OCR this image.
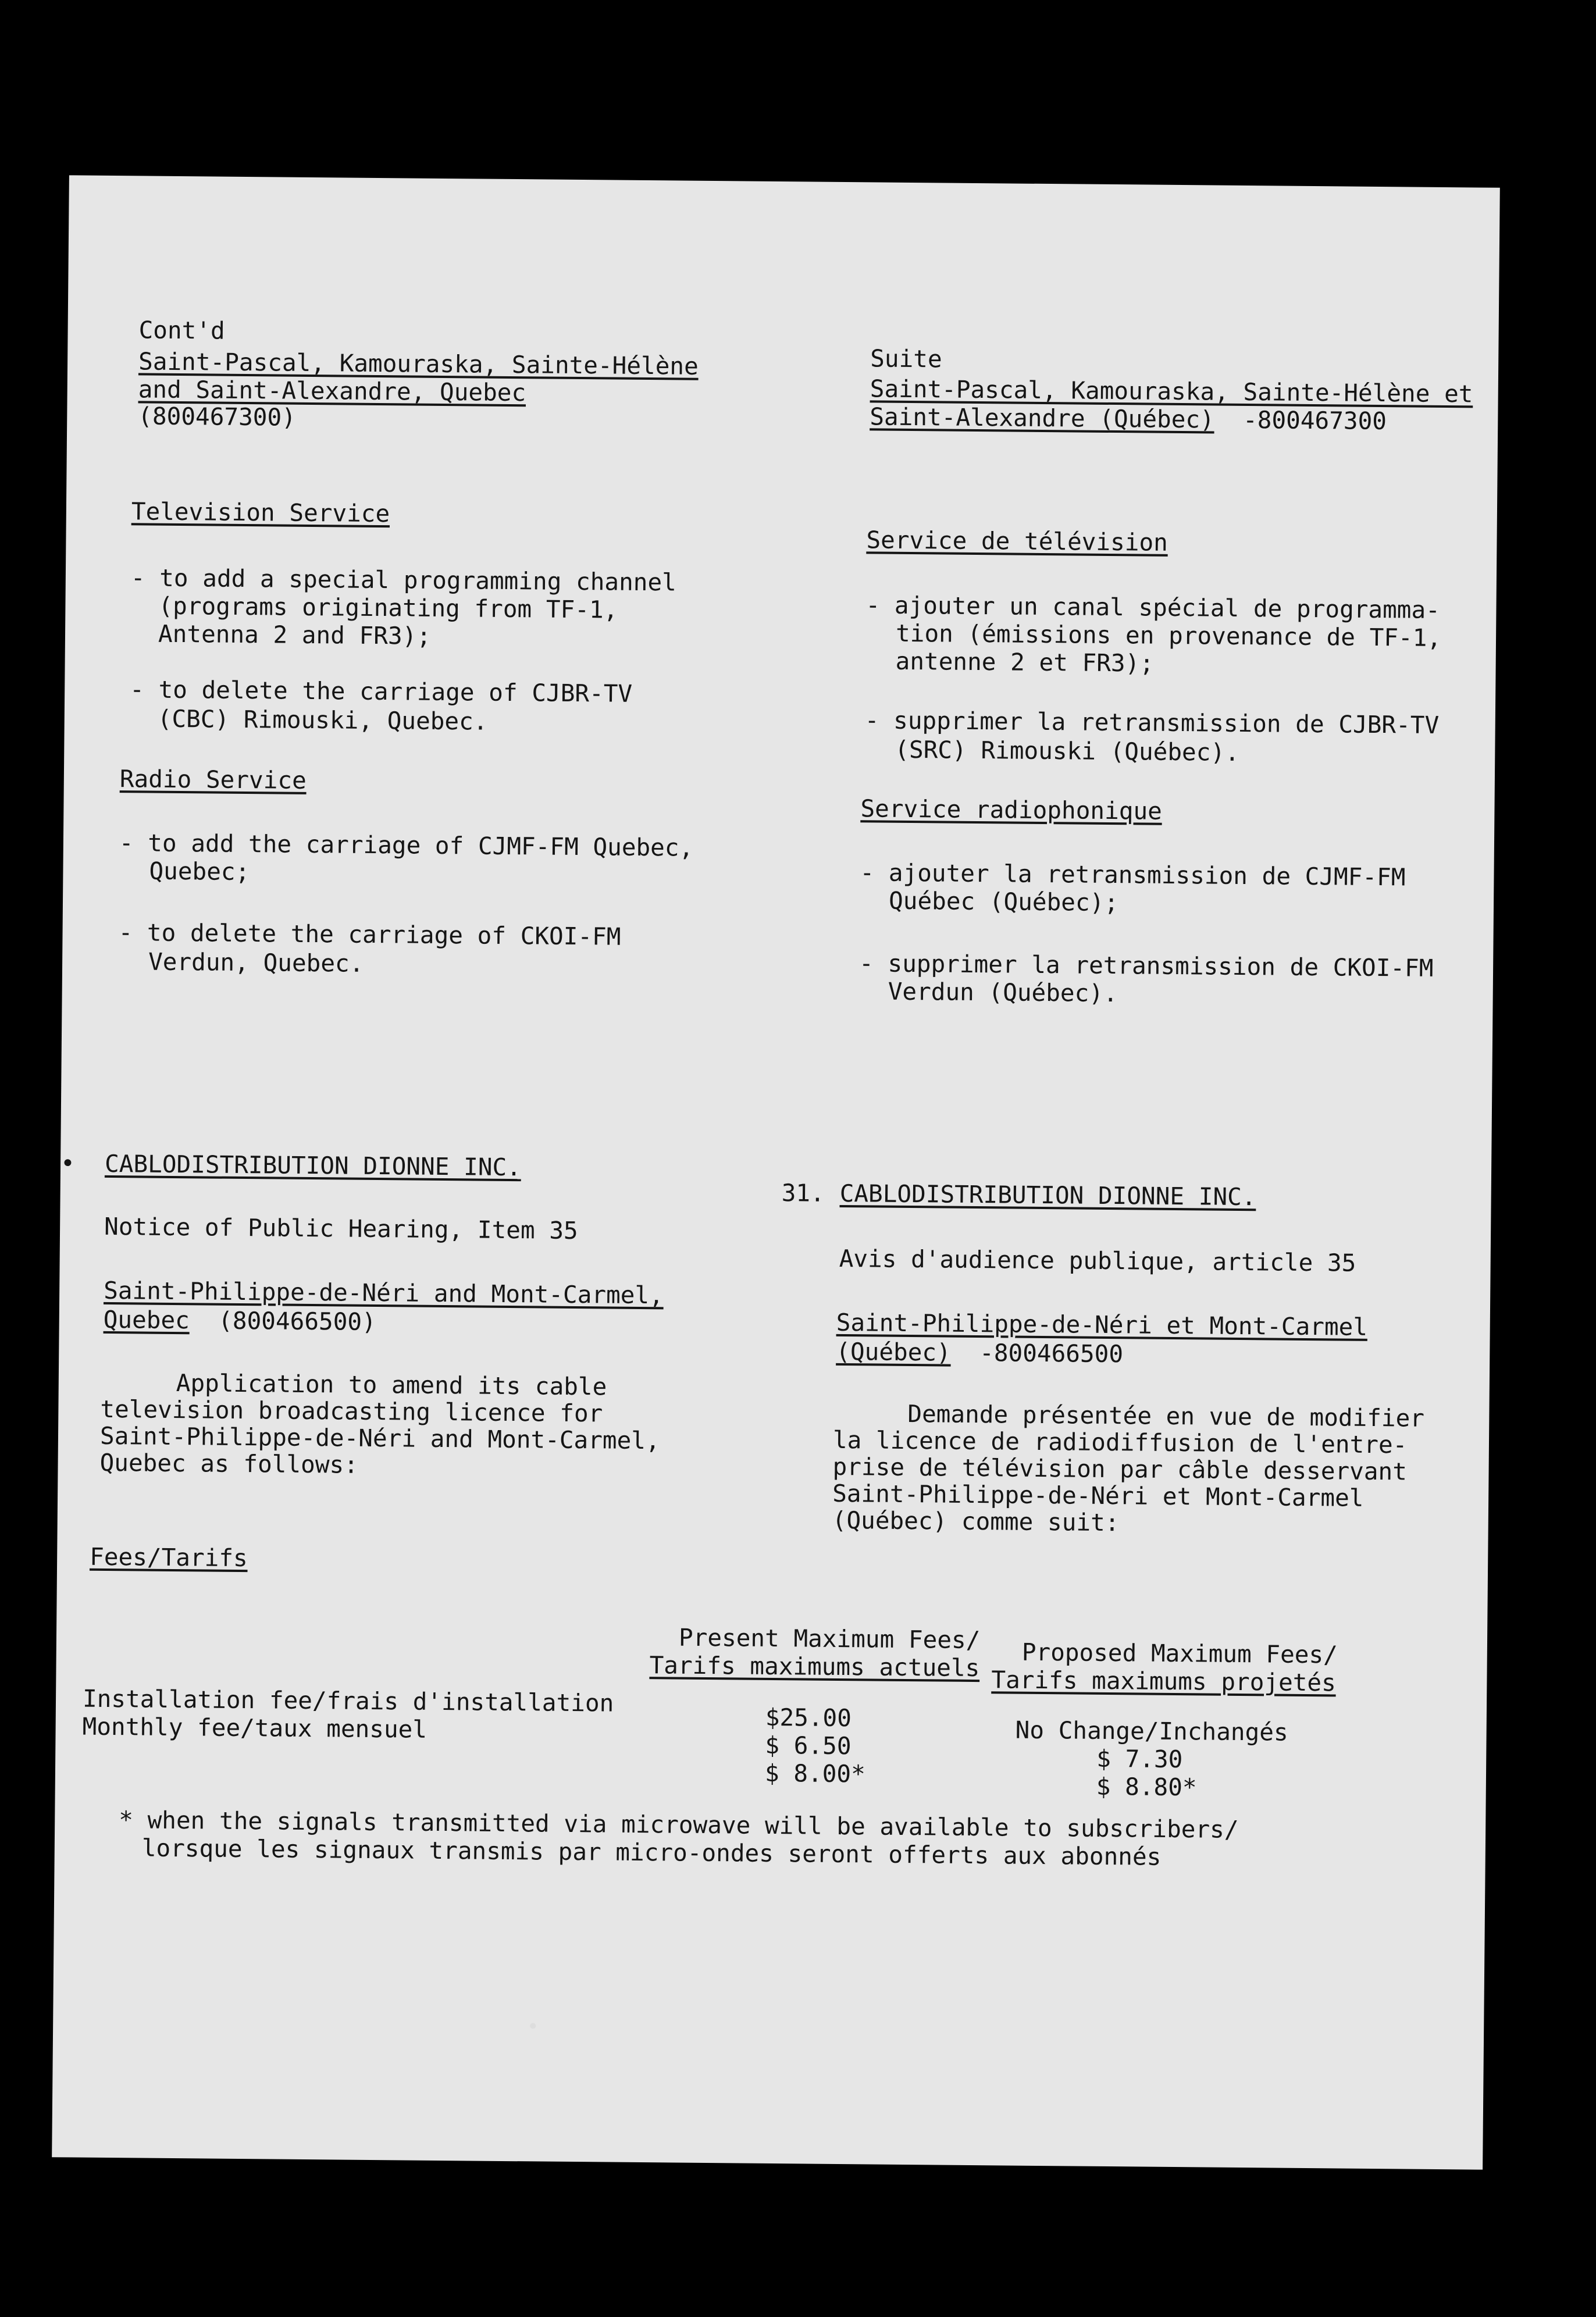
Cont'd
Saint-Pascal, Kamouraska, Sainte-Hélène
and Saint-Alexandre, Quebec
(800467300)
Television Service
- to add a special programming channel
(programs originating from TF-1,
Antenna 2 and FR3);
- to delete the carriage of CJBR-TV
(CBC) Rimouski, Quebec.
Radio Service
- to add the carriage of CJMF-FM Quebec,
Quebec;
- to delete the carriage of CKOI-FM
Verdun, Quebec.
• CABLODISTRIBUTION DIONNE INC.
Notice of Public Hearing, Item 35
Saint-Philippe-de-Néri and Mont-Carmel,
Quebec (800466500)
Application to amend its cable
television broadcasting licence for
Saint-Philippe-de-Néri and Mont-Carmel,
Quebec as follows:
Suite
Saint-Pascal, Kamouraska, Sainte-Hélène et
Saint-Alexandre (Québec) -800467300
Service de télévision
- ajouter un canal spécial de programma-
tion (émissions en provenance de TF-1,
antenne 2 et FR3);
- supprimer la retransmission de CJBR-TV
(SRC) Rimouski (Québec).
Service radiophonique
- ajouter la retransmission de CJMF-FM
Québec (Québec);
- supprimer la retransmission de CKOI-FM
Verdun (Québec).
31. CABLODISTRIBUTION DIONNE INC.
Avis d'audience publique, article 35
Saint-Philippe-de-Néri et Mont-Carmel
(Québec) -800466500
Demande présentée en vue de modifier
la licence de radiodiffusion de l'entre-
prise de télévision par câble desservant
Saint-Philippe-de-Néri et Mont-Carmel
(Québec) comme suit:
Fees/Tarifs
Present Maximum Fees/
Tarifs maximums actuels Proposed Maximum Fees/
Tarifs maximums projetés
Installation fee/frais d'installation
Monthly fee/taux mensuel	$25.00
$ 6.50
$ 8.00*
No Change/Inchangés
$ 7.30
$ 8.80*
* when the signals transmitted via microwave will be available to subscribers/
lorsque les signaux transmis par micro-ondes seront offerts aux abonnés
